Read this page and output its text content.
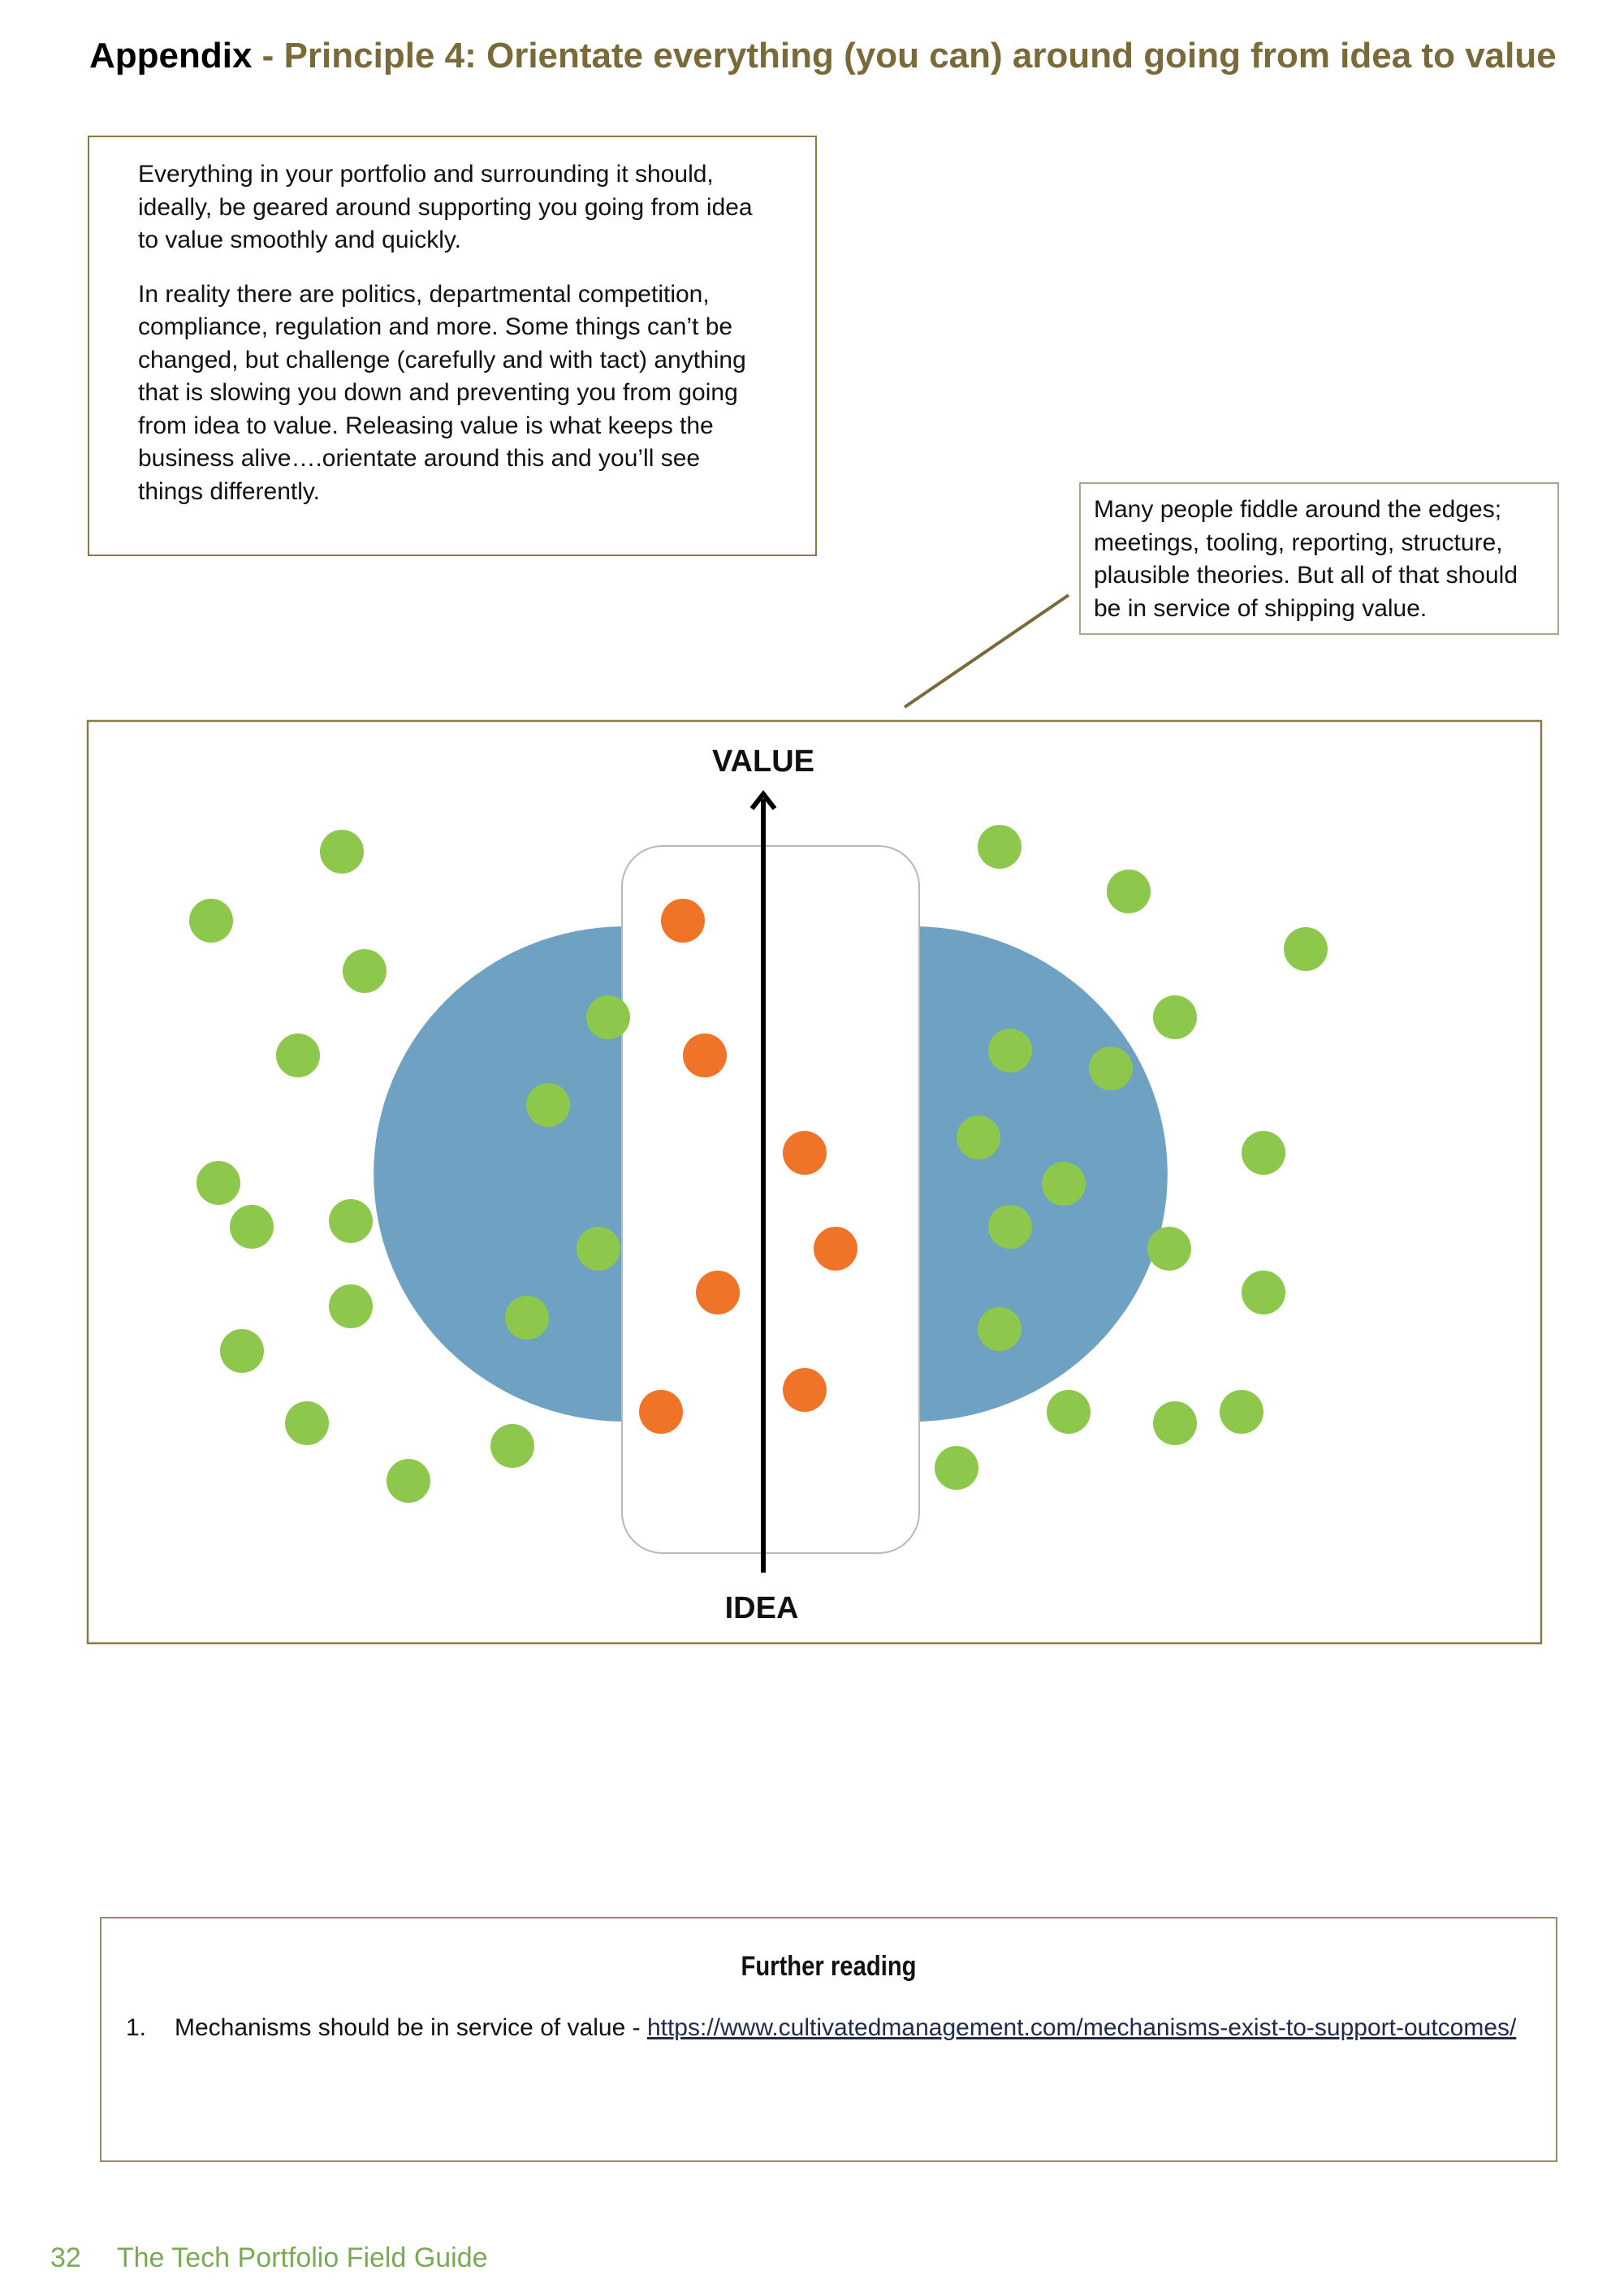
Appendix - Principle 4: Orientate everything (you can) around going from idea to value

Everything in your portfolio and surrounding it should, ideally, be geared around supporting you going from idea to value smoothly and quickly.

In reality there are politics, departmental competition, compliance, regulation and more. Some things can’t be changed, but challenge (carefully and with tact) anything that is slowing you down and preventing you from going from idea to value. Releasing value is what keeps the business alive….orientate around this and you’ll see things differently.

Many people fiddle around the edges; meetings, tooling, reporting, structure, plausible theories. But all of that should be in service of shipping value.

VALUE
IDEA

Further reading

1. Mechanisms should be in service of value - https://www.cultivatedmanagement.com/mechanisms-exist-to-support-outcomes/
32 The Tech Portfolio Field Guide
